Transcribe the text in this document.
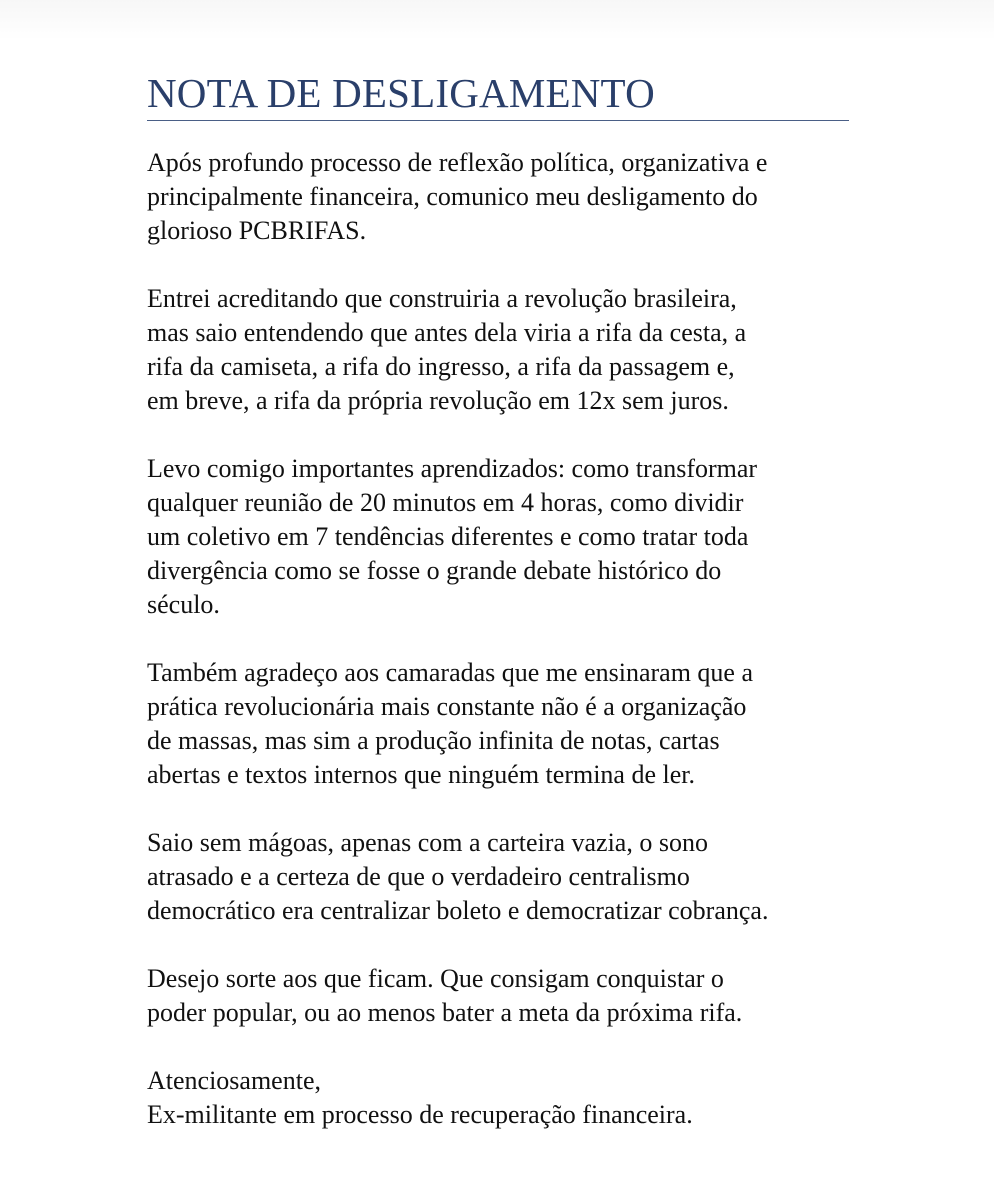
NOTA DE DESLIGAMENTO

Após profundo processo de reflexão política, organizativa e
principalmente financeira, comunico meu desligamento do
glorioso PCBRIFAS.

Entrei acreditando que construiria a revolução brasileira,
mas saio entendendo que antes dela viria a rifa da cesta, a
rifa da camiseta, a rifa do ingresso, a rifa da passagem e,
em breve, a rifa da própria revolução em 12x sem juros.

Levo comigo importantes aprendizados: como transformar
qualquer reunião de 20 minutos em 4 horas, como dividir
um coletivo em 7 tendências diferentes e como tratar toda
divergência como se fosse o grande debate histórico do
século.

Também agradeço aos camaradas que me ensinaram que a
prática revolucionária mais constante não é a organização
de massas, mas sim a produção infinita de notas, cartas
abertas e textos internos que ninguém termina de ler.

Saio sem mágoas, apenas com a carteira vazia, o sono
atrasado e a certeza de que o verdadeiro centralismo
democrático era centralizar boleto e democratizar cobrança.

Desejo sorte aos que ficam. Que consigam conquistar o
poder popular, ou ao menos bater a meta da próxima rifa.

Atenciosamente,
Ex-militante em processo de recuperação financeira.
